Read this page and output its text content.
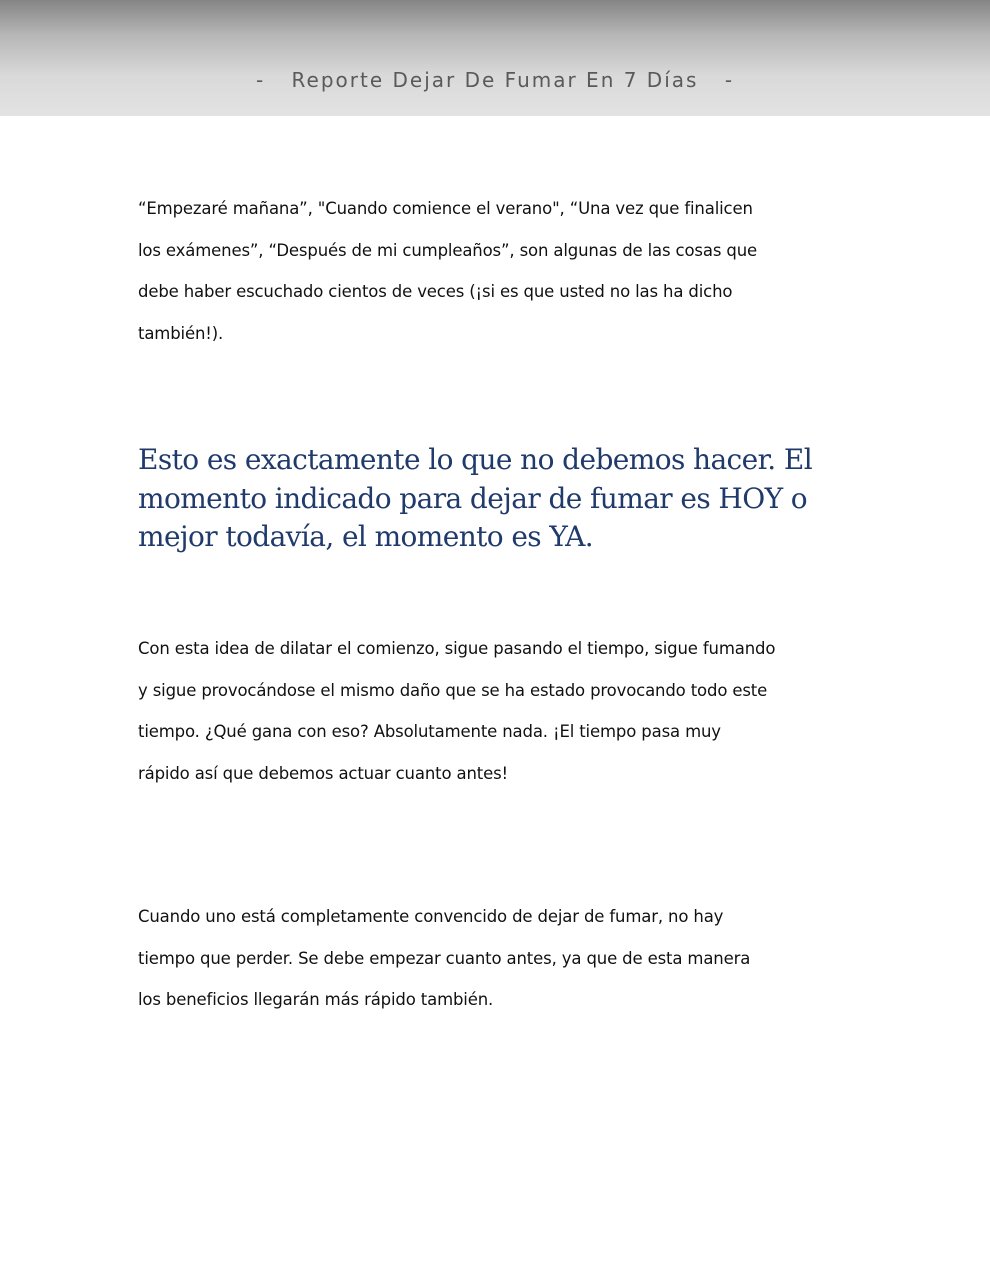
- Reporte Dejar De Fumar En 7 Días -
“Empezaré mañana”, "Cuando comience el verano", “Una vez que finalicen
los exámenes”, “Después de mi cumpleaños”, son algunas de las cosas que
debe haber escuchado cientos de veces (¡si es que usted no las ha dicho
también!).
Esto es exactamente lo que no debemos hacer. El
momento indicado para dejar de fumar es HOY o
mejor todavía, el momento es YA.
Con esta idea de dilatar el comienzo, sigue pasando el tiempo, sigue fumando
y sigue provocándose el mismo daño que se ha estado provocando todo este
tiempo. ¿Qué gana con eso? Absolutamente nada. ¡El tiempo pasa muy
rápido así que debemos actuar cuanto antes!
Cuando uno está completamente convencido de dejar de fumar, no hay
tiempo que perder. Se debe empezar cuanto antes, ya que de esta manera
los beneficios llegarán más rápido también.
